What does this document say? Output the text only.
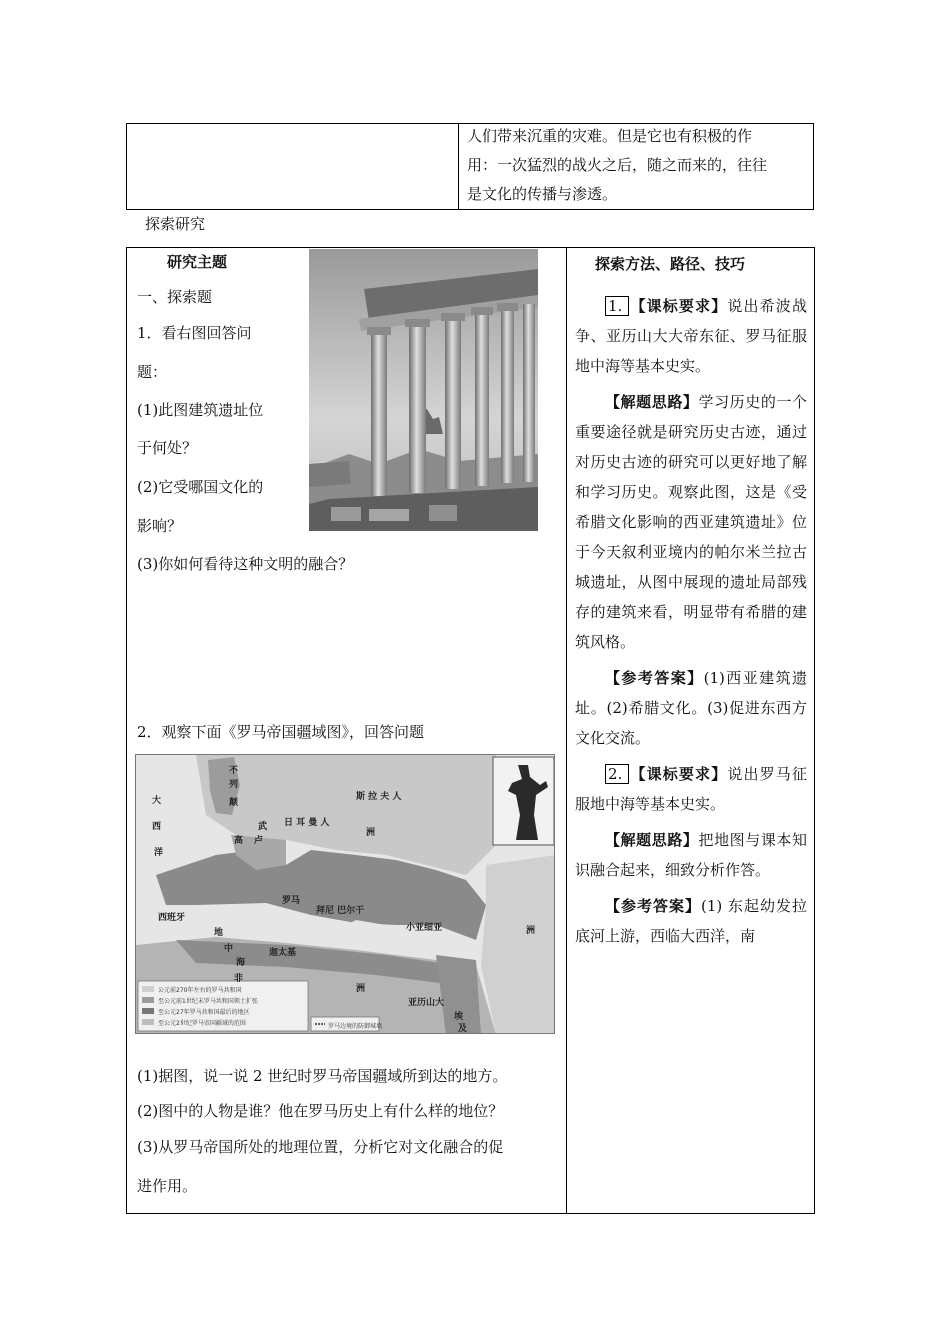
人们带来沉重的灾难。但是它也有积极的作
用：一次猛烈的战火之后，随之而来的，往往
是文化的传播与渗透。
探索研究
研究主题
一、探索题
1．看右图回答问
题：
(1)此图建筑遗址位
于何处？
(2)它受哪国文化的
影响？
(3)你如何看待这种文明的融合？
2．观察下面《罗马帝国疆域图》，回答问题
(1)据图，说一说 2 世纪时罗马帝国疆域所到达的地方。
(2)图中的人物是谁？他在罗马历史上有什么样的地位？
(3)从罗马帝国所处的地理位置，分析它对文化融合的促
进作用。
大
西
洋
不
列
颠
武
高 卢
日 耳 曼 人
斯 拉 夫 人
洲
西班牙
罗马
拜尼 巴尔干
小亚细亚
迦太基
地
中
海
非
洲
亚历山大
埃
及
洲
公元前270年左右的罗马共和国
至公元前1世纪末罗马共和国领土扩张
至公元27年罗马共和国最后的地区
至公元2世纪罗马帝国疆域的范围	罗马边境的防御城墙

探索方法、路径、技巧

1. 【课标要求】说出希波战争、亚历山大大帝东征、罗马征服地中海等基本史实。

【解题思路】学习历史的一个重要途径就是研究历史古迹，通过对历史古迹的研究可以更好地了解和学习历史。观察此图，这是《受希腊文化影响的西亚建筑遗址》位于今天叙利亚境内的帕尔米兰拉古城遗址，从图中展现的遗址局部残存的建筑来看，明显带有希腊的建筑风格。

【参考答案】(1)西亚建筑遗址。(2)希腊文化。(3)促进东西方文化交流。

2. 【课标要求】说出罗马征服地中海等基本史实。

【解题思路】把地图与课本知识融合起来，细致分析作答。

【参考答案】(1) 东起幼发拉底河上游，西临大西洋，南
